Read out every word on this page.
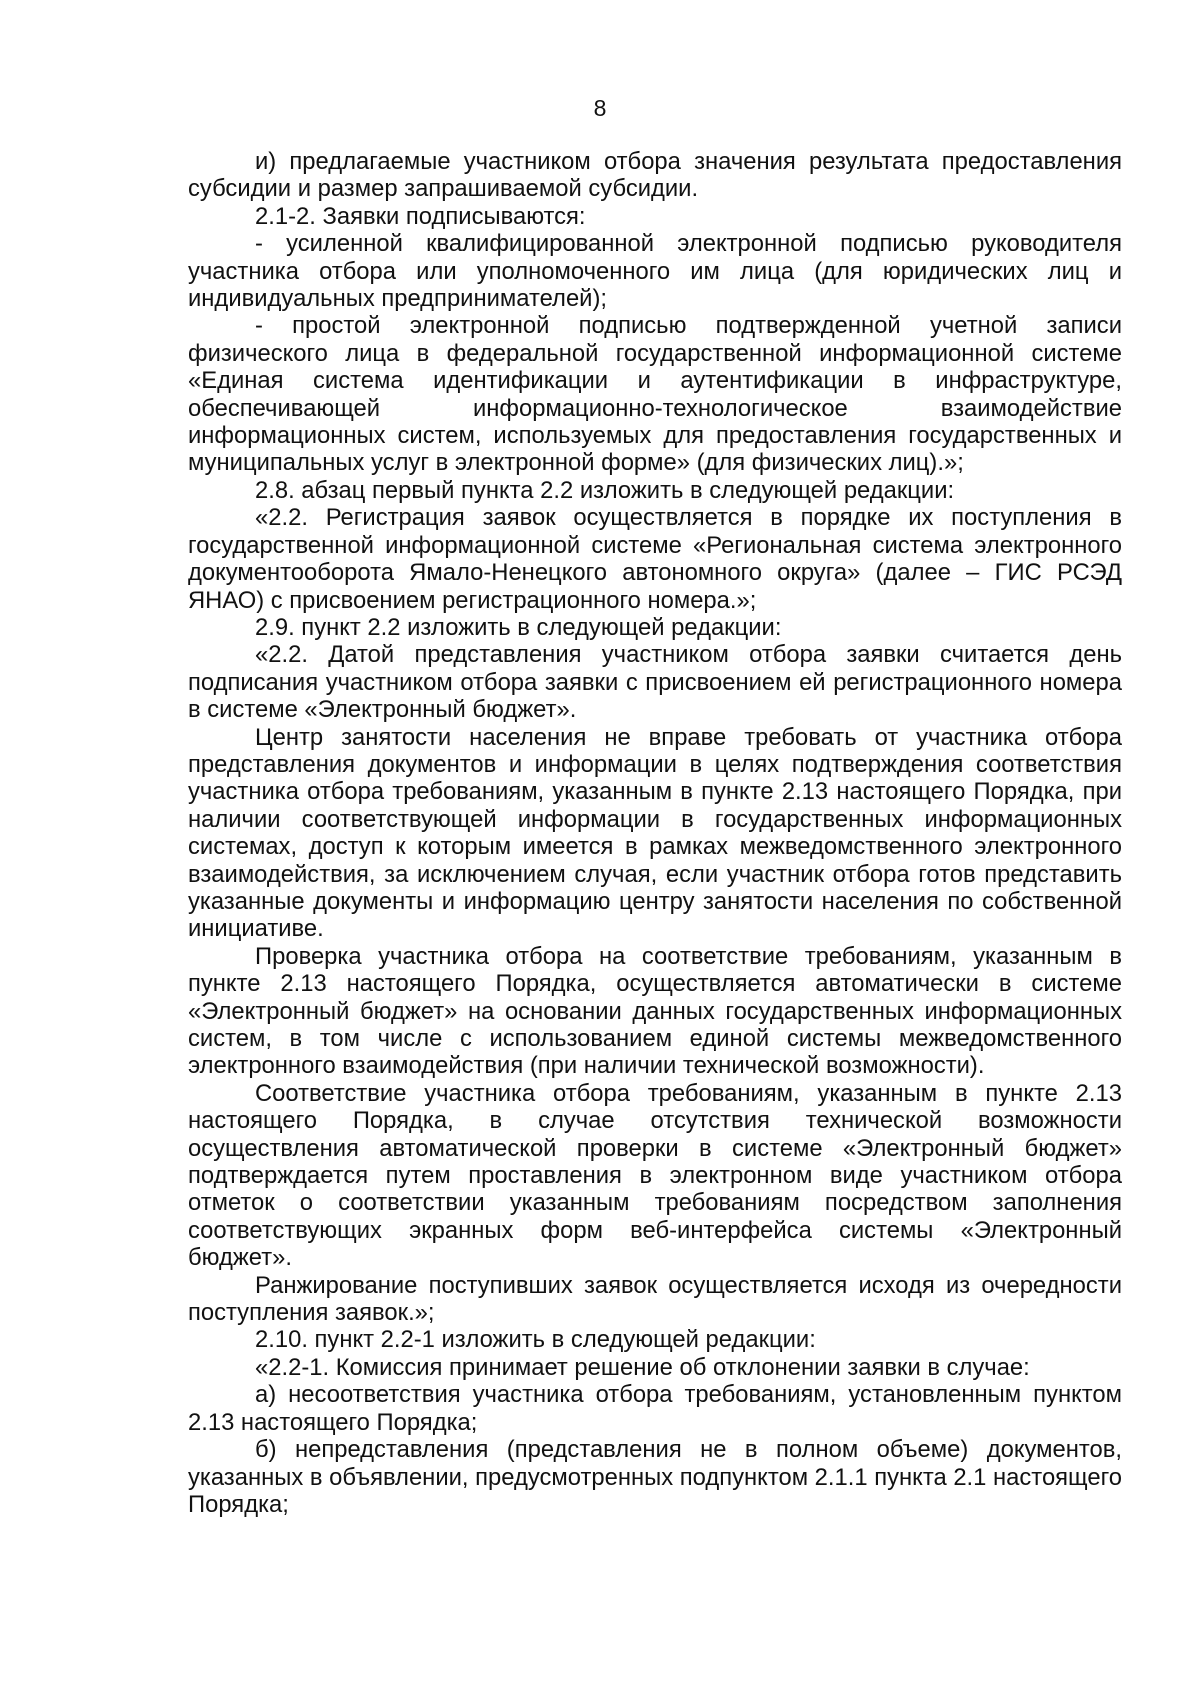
8

и) предлагаемые участником отбора значения результата предоставления субсидии и размер запрашиваемой субсидии.

2.1-2. Заявки подписываются:

- усиленной квалифицированной электронной подписью руководителя участника отбора или уполномоченного им лица (для юридических лиц и индивидуальных предпринимателей);

- простой электронной подписью подтвержденной учетной записи физического лица в федеральной государственной информационной системе «Единая система идентификации и аутентификации в инфраструктуре, обеспечивающей информационно-технологическое взаимодействие информационных систем, используемых для предоставления государственных и муниципальных услуг в электронной форме» (для физических лиц).»;

2.8. абзац первый пункта 2.2 изложить в следующей редакции:

«2.2. Регистрация заявок осуществляется в порядке их поступления в государственной информационной системе «Региональная система электронного документооборота Ямало-Ненецкого автономного округа» (далее – ГИС РСЭД ЯНАО) с присвоением регистрационного номера.»;

2.9. пункт 2.2 изложить в следующей редакции:

«2.2. Датой представления участником отбора заявки считается день подписания участником отбора заявки с присвоением ей регистрационного номера в системе «Электронный бюджет».

Центр занятости населения не вправе требовать от участника отбора представления документов и информации в целях подтверждения соответствия участника отбора требованиям, указанным в пункте 2.13 настоящего Порядка, при наличии соответствующей информации в государственных информационных системах, доступ к которым имеется в рамках межведомственного электронного взаимодействия, за исключением случая, если участник отбора готов представить указанные документы и информацию центру занятости населения по собственной инициативе.

Проверка участника отбора на соответствие требованиям, указанным в пункте 2.13 настоящего Порядка, осуществляется автоматически в системе «Электронный бюджет» на основании данных государственных информационных систем, в том числе с использованием единой системы межведомственного электронного взаимодействия (при наличии технической возможности).

Соответствие участника отбора требованиям, указанным в пункте 2.13 настоящего Порядка, в случае отсутствия технической возможности осуществления автоматической проверки в системе «Электронный бюджет» подтверждается путем проставления в электронном виде участником отбора отметок о соответствии указанным требованиям посредством заполнения соответствующих экранных форм веб-интерфейса системы «Электронный бюджет».

Ранжирование поступивших заявок осуществляется исходя из очередности поступления заявок.»;

2.10. пункт 2.2-1 изложить в следующей редакции:

«2.2-1. Комиссия принимает решение об отклонении заявки в случае:

а) несоответствия участника отбора требованиям, установленным пунктом 2.13 настоящего Порядка;

б) непредставления (представления не в полном объеме) документов, указанных в объявлении, предусмотренных подпунктом 2.1.1 пункта 2.1 настоящего Порядка;
